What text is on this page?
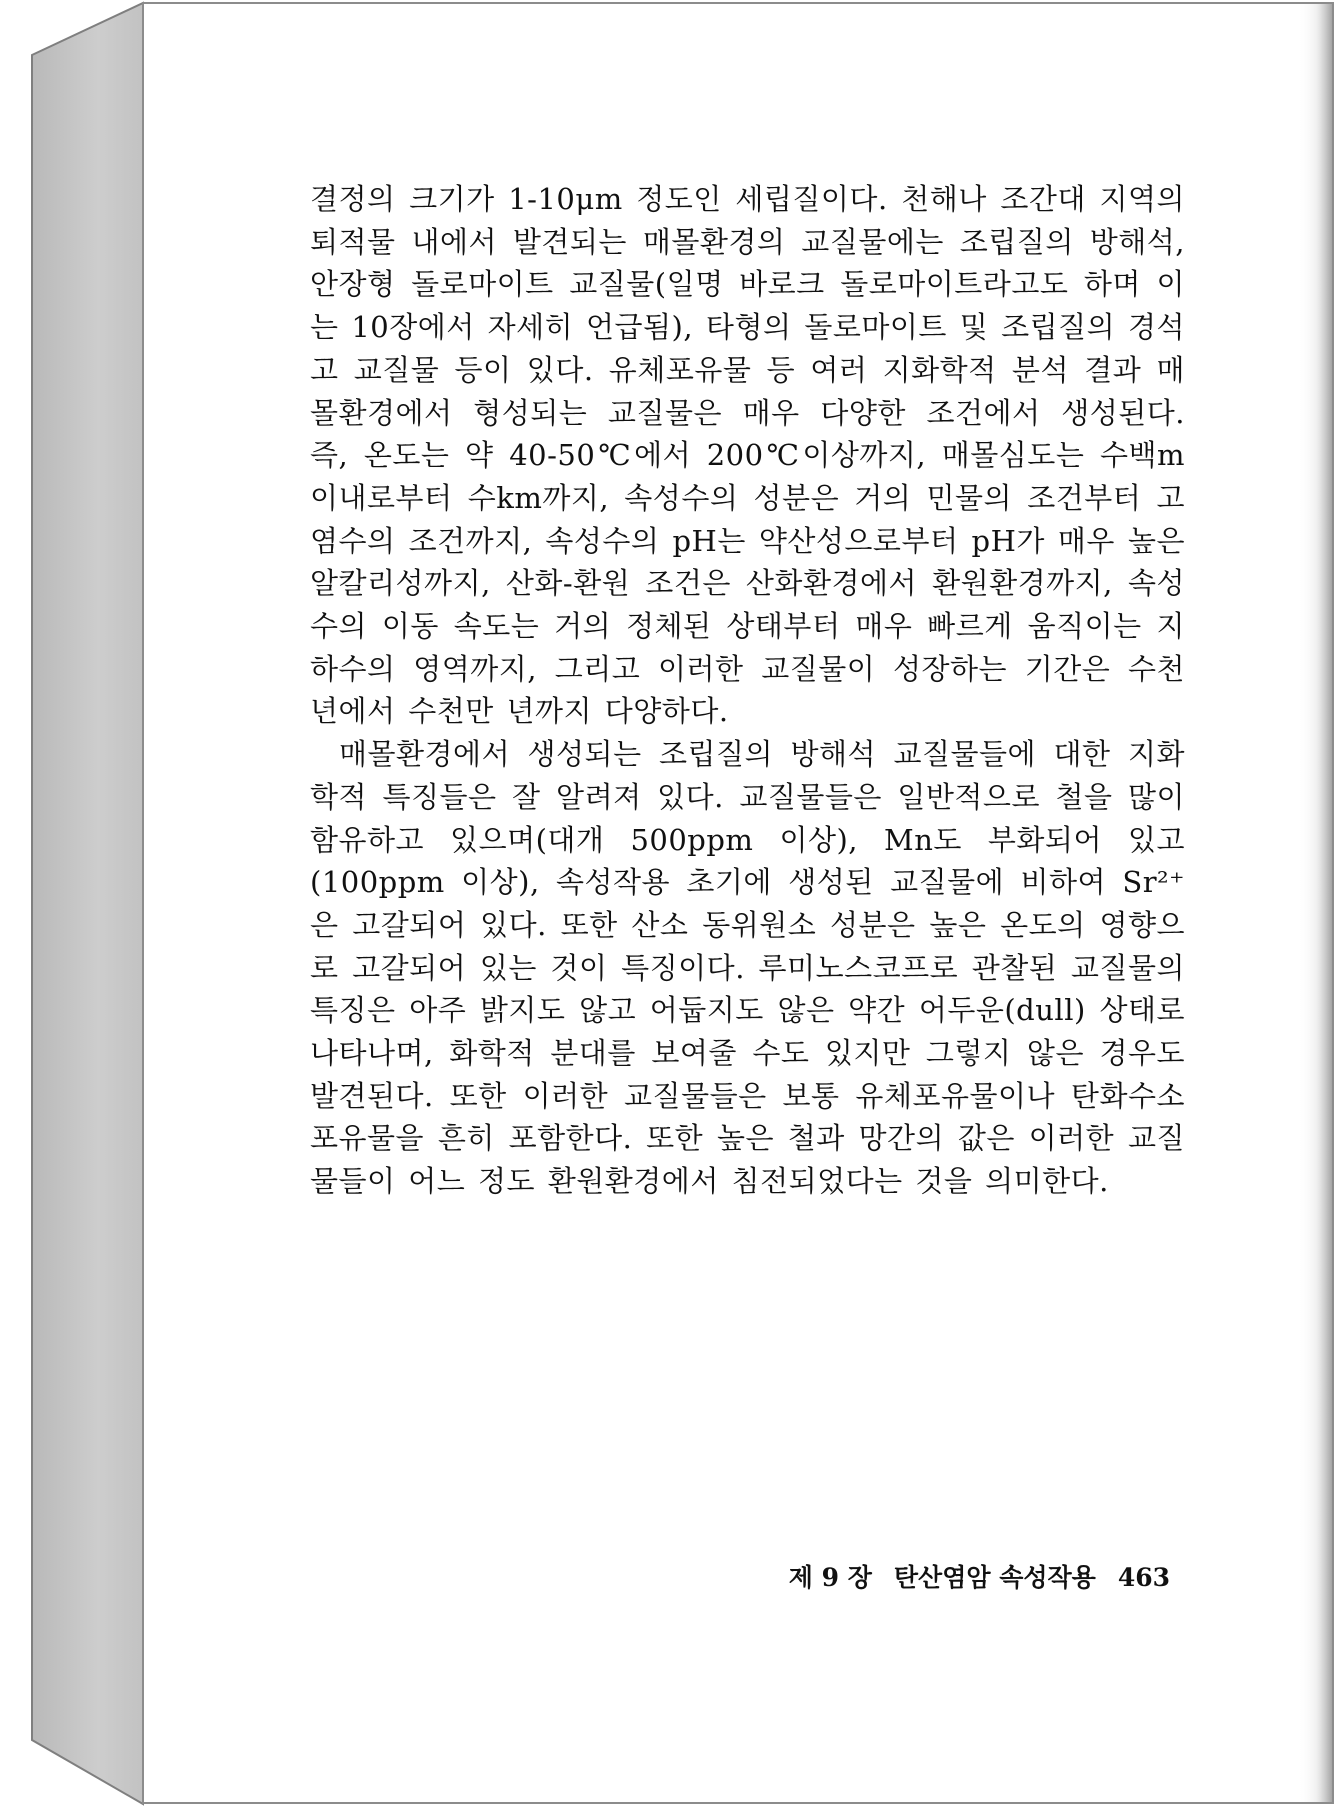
결정의 크기가 1-10μm 정도인 세립질이다. 천해나 조간대 지역의 퇴적물 내에서 발견되는 매몰환경의 교질물에는 조립질의 방해석, 안장형 돌로마이트 교질물(일명 바로크 돌로마이트라고도 하며 이는 10장에서 자세히 언급됨), 타형의 돌로마이트 및 조립질의 경석고 교질물 등이 있다. 유체포유물 등 여러 지화학적 분석 결과 매몰환경에서 형성되는 교질물은 매우 다양한 조건에서 생성된다. 즉, 온도는 약 40-50℃에서 200℃이상까지, 매몰심도는 수백m 이내로부터 수km까지, 속성수의 성분은 거의 민물의 조건부터 고염수의 조건까지, 속성수의 pH는 약산성으로부터 pH가 매우 높은 알칼리성까지, 산화-환원 조건은 산화환경에서 환원환경까지, 속성수의 이동 속도는 거의 정체된 상태부터 매우 빠르게 움직이는 지하수의 영역까지, 그리고 이러한 교질물이 성장하는 기간은 수천 년에서 수천만 년까지 다양하다.

매몰환경에서 생성되는 조립질의 방해석 교질물들에 대한 지화학적 특징들은 잘 알려져 있다. 교질물들은 일반적으로 철을 많이 함유하고 있으며(대개 500ppm 이상), Mn도 부화되어 있고(100ppm 이상), 속성작용 초기에 생성된 교질물에 비하여 Sr²⁺은 고갈되어 있다. 또한 산소 동위원소 성분은 높은 온도의 영향으로 고갈되어 있는 것이 특징이다. 루미노스코프로 관찰된 교질물의 특징은 아주 밝지도 않고 어둡지도 않은 약간 어두운(dull) 상태로 나타나며, 화학적 분대를 보여줄 수도 있지만 그렇지 않은 경우도 발견된다. 또한 이러한 교질물들은 보통 유체포유물이나 탄화수소포유물을 흔히 포함한다. 또한 높은 철과 망간의 값은 이러한 교질물들이 어느 정도 환원환경에서 침전되었다는 것을 의미한다.

제 9 장 탄산염암 속성작용 463
